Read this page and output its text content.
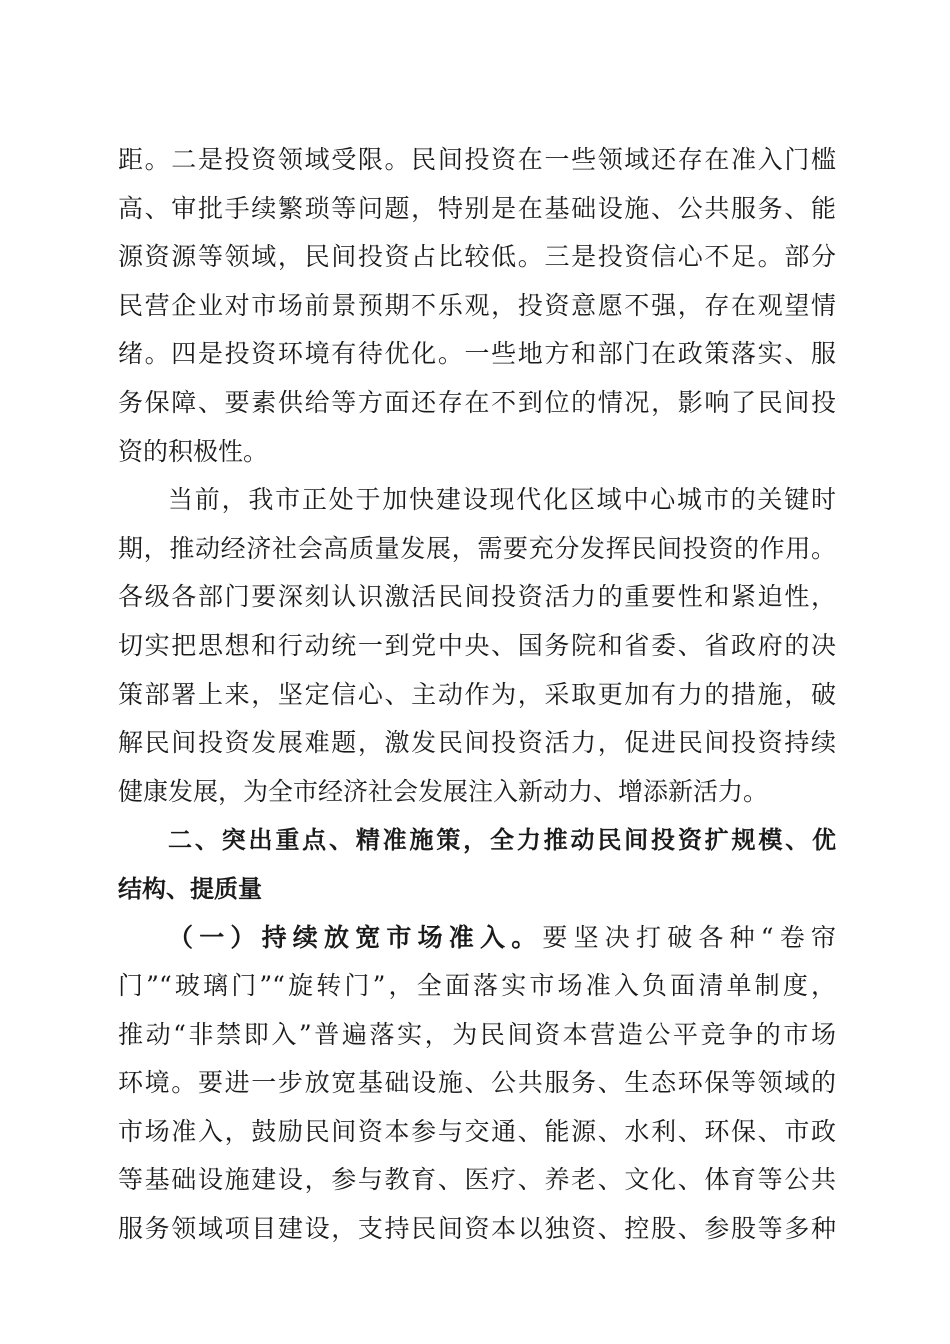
距。二是投资领域受限。民间投资在一些领域还存在准入门槛
高、审批手续繁琐等问题，特别是在基础设施、公共服务、能
源资源等领域，民间投资占比较低。三是投资信心不足。部分
民营企业对市场前景预期不乐观，投资意愿不强，存在观望情
绪。四是投资环境有待优化。一些地方和部门在政策落实、服
务保障、要素供给等方面还存在不到位的情况，影响了民间投
资的积极性。
当前，我市正处于加快建设现代化区域中心城市的关键时
期，推动经济社会高质量发展，需要充分发挥民间投资的作用。
各级各部门要深刻认识激活民间投资活力的重要性和紧迫性，
切实把思想和行动统一到党中央、国务院和省委、省政府的决
策部署上来，坚定信心、主动作为，采取更加有力的措施，破
解民间投资发展难题，激发民间投资活力，促进民间投资持续
健康发展，为全市经济社会发展注入新动力、增添新活力。
二、突出重点、精准施策，全力推动民间投资扩规模、优
结构、提质量
（一）持续放宽市场准入。要坚决打破各种“卷帘
门”“玻璃门”“旋转门”，全面落实市场准入负面清单制度，
推动“非禁即入”普遍落实，为民间资本营造公平竞争的市场
环境。要进一步放宽基础设施、公共服务、生态环保等领域的
市场准入，鼓励民间资本参与交通、能源、水利、环保、市政
等基础设施建设，参与教育、医疗、养老、文化、体育等公共
服务领域项目建设，支持民间资本以独资、控股、参股等多种
